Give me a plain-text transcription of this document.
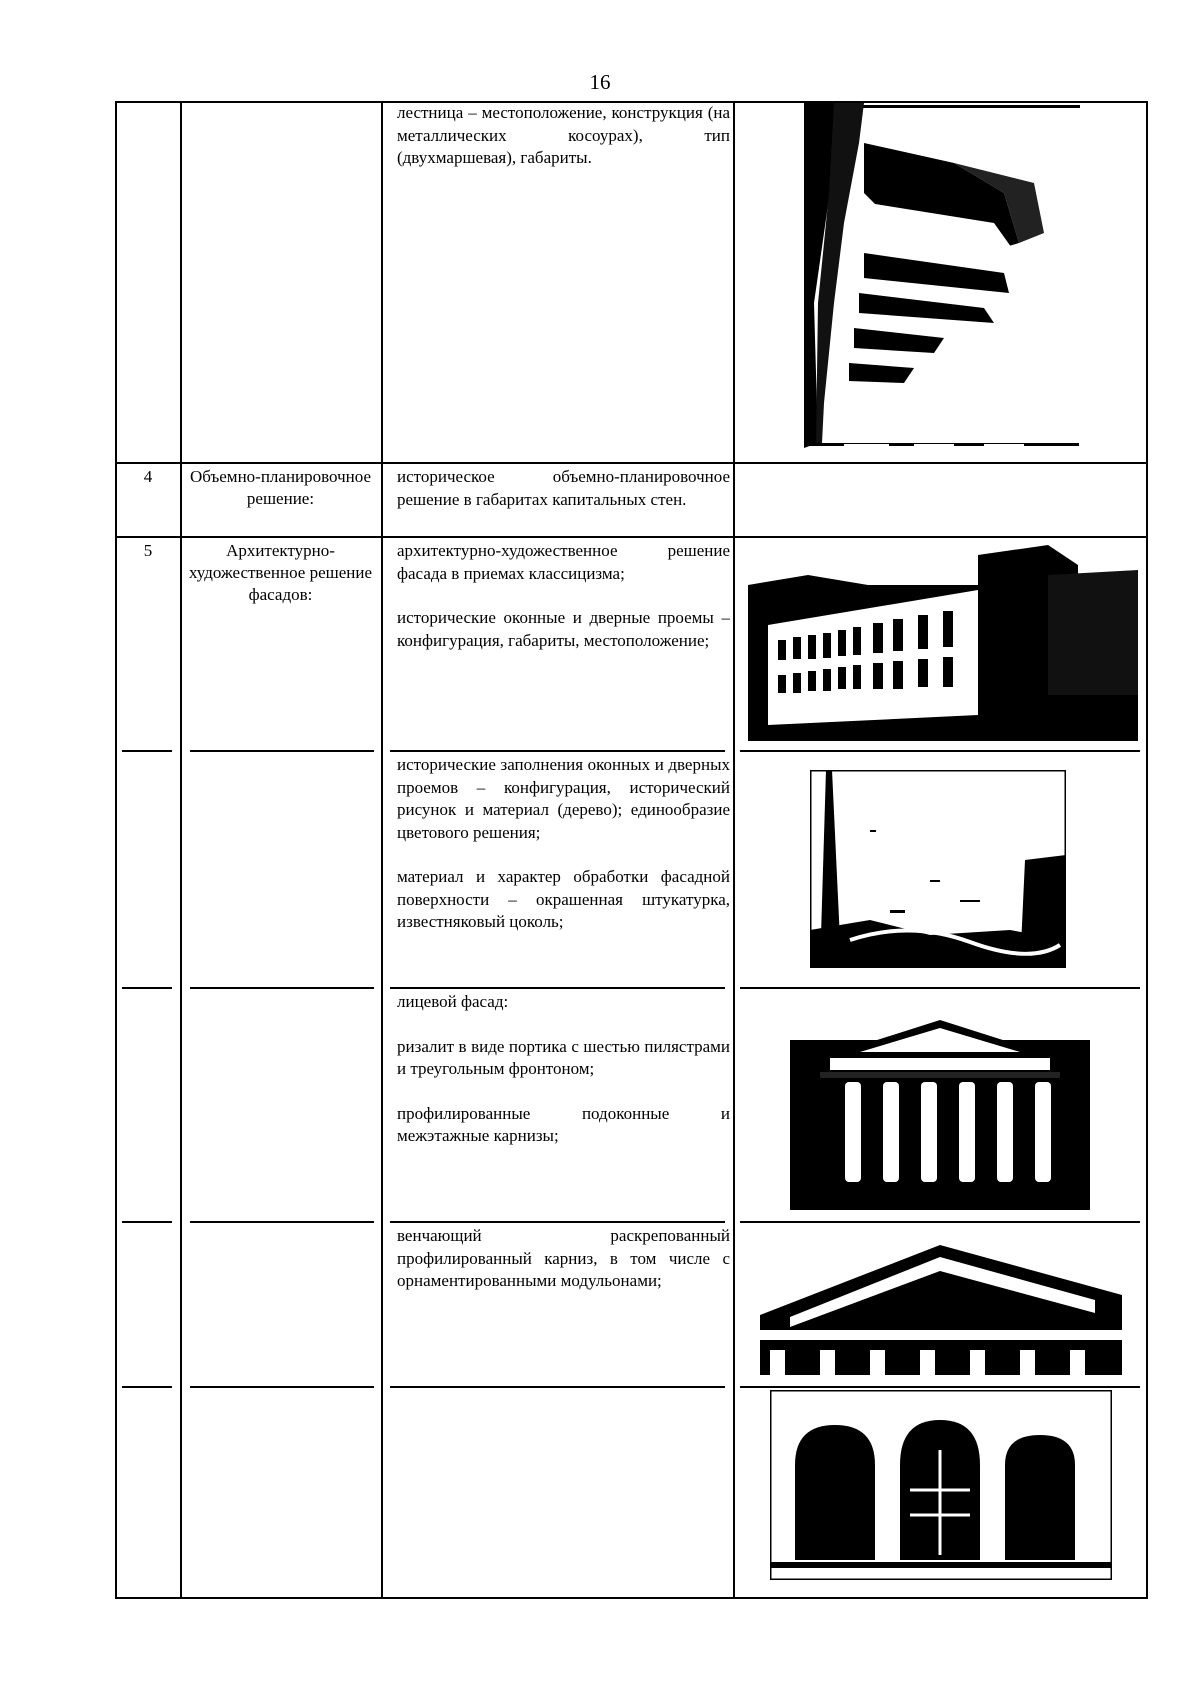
16

лестница – местоположение, конструкция (на металлических косоурах), тип (двухмаршевая), габариты.

4	Объемно-планировочное решение:

историческое объемно-планировочное решение в габаритах капитальных стен.

5	Архитектурно-художественное решение фасадов:

архитектурно-художественное решение фасада в приемах классицизма;

исторические оконные и дверные проемы – конфигурация, габариты, местоположение;

исторические заполнения оконных и дверных проемов – конфигурация, исторический рисунок и материал (дерево); единообразие цветового решения;

материал и характер обработки фасадной поверхности – окрашенная штукатурка, известняковый цоколь;

лицевой фасад:

ризалит в виде портика с шестью пилястрами и треугольным фронтоном;

профилированные подоконные и межэтажные карнизы;

венчающий раскрепованный профилированный карниз, в том числе с орнаментированными модульонами;
